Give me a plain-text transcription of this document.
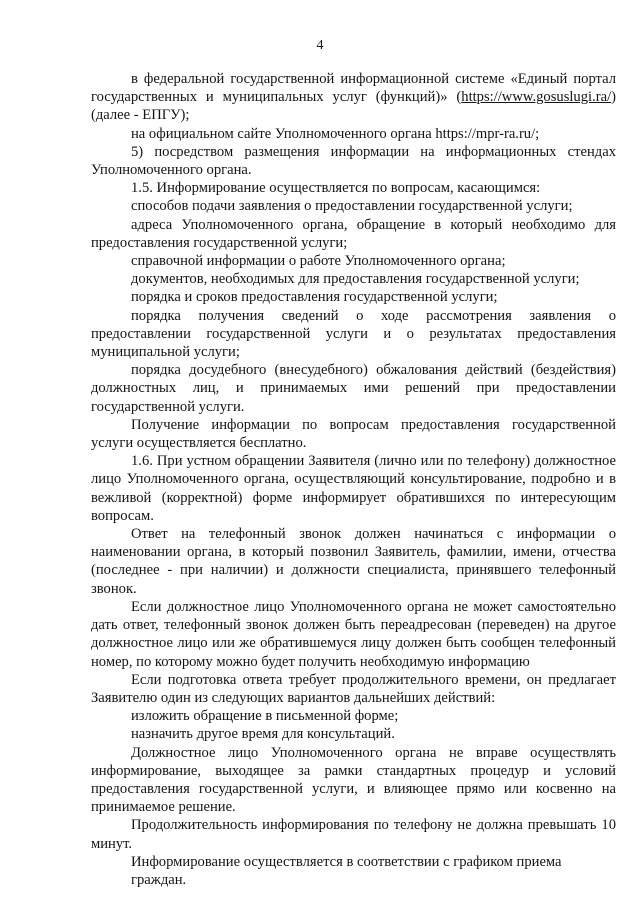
4

в федеральной государственной информационной системе «Единый портал государственных и муниципальных услуг (функций)» (https://www.gosuslugi.ra/) (далее - ЕПГУ);

на официальном сайте Уполномоченного органа https://mpr-ra.ru/;

5) посредством размещения информации на информационных стендах Уполномоченного органа.

1.5. Информирование осуществляется по вопросам, касающимся:

способов подачи заявления о предоставлении государственной услуги;

адреса Уполномоченного органа, обращение в который необходимо для предоставления государственной услуги;

справочной информации о работе Уполномоченного органа;

документов, необходимых для предоставления государственной услуги;

порядка и сроков предоставления государственной услуги;

порядка получения сведений о ходе рассмотрения заявления о предоставлении государственной услуги и о результатах предоставления муниципальной услуги;

порядка досудебного (внесудебного) обжалования действий (бездействия) должностных лиц, и принимаемых ими решений при предоставлении государственной услуги.

Получение информации по вопросам предоставления государственной услуги осуществляется бесплатно.

1.6. При устном обращении Заявителя (лично или по телефону) должностное лицо Уполномоченного органа, осуществляющий консультирование, подробно и в вежливой (корректной) форме информирует обратившихся по интересующим вопросам.

Ответ на телефонный звонок должен начинаться с информации о наименовании органа, в который позвонил Заявитель, фамилии, имени, отчества (последнее - при наличии) и должности специалиста, принявшего телефонный звонок.

Если должностное лицо Уполномоченного органа не может самостоятельно дать ответ, телефонный звонок должен быть переадресован (переведен) на другое должностное лицо или же обратившемуся лицу должен быть сообщен телефонный номер, по которому можно будет получить необходимую информацию

Если подготовка ответа требует продолжительного времени, он предлагает Заявителю один из следующих вариантов дальнейших действий:

изложить обращение в письменной форме;

назначить другое время для консультаций.

Должностное лицо Уполномоченного органа не вправе осуществлять информирование, выходящее за рамки стандартных процедур и условий предоставления государственной услуги, и влияющее прямо или косвенно на принимаемое решение.

Продолжительность информирования по телефону не должна превышать 10 минут.

Информирование осуществляется в соответствии с графиком приема граждан.
